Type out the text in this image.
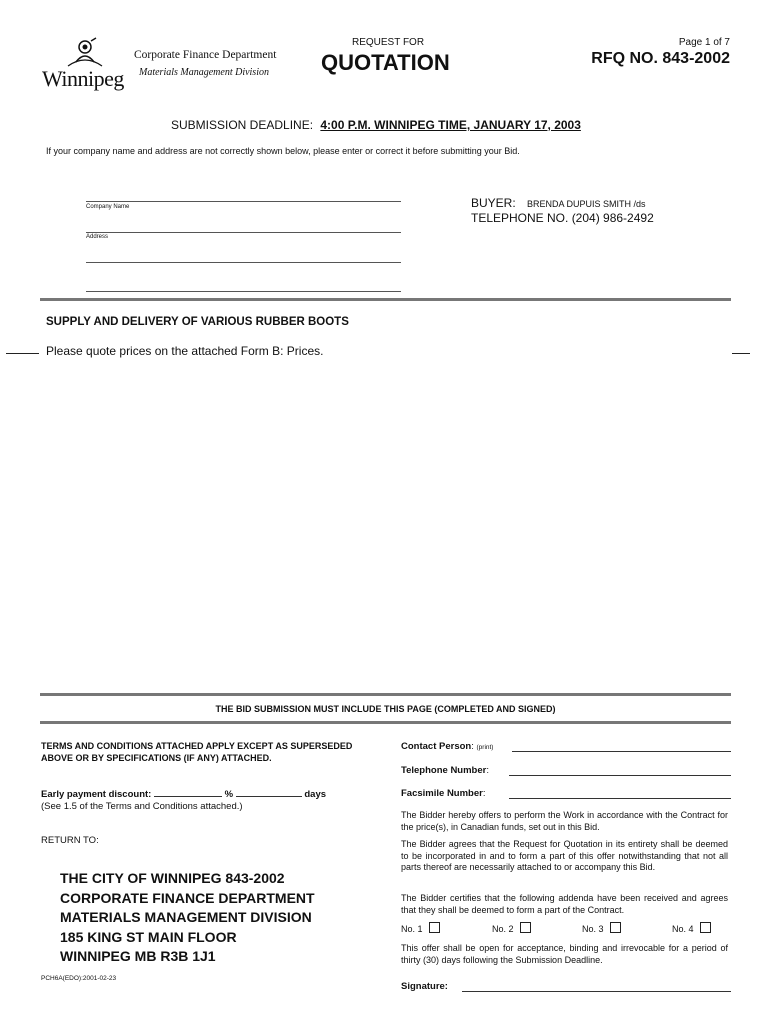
Winnipeg
Corporate Finance Department
Materials Management Division
REQUEST FOR
QUOTATION
Page 1 of 7
RFQ NO. 843-2002
SUBMISSION DEADLINE: 4:00 P.M. WINNIPEG TIME, JANUARY 17, 2003
If your company name and address are not correctly shown below, please enter or correct it before submitting your Bid.
Company Name
Address
BUYER: BRENDA DUPUIS SMITH /ds
TELEPHONE NO. (204) 986-2492
SUPPLY AND DELIVERY OF VARIOUS RUBBER BOOTS
Please quote prices on the attached Form B: Prices.
THE BID SUBMISSION MUST INCLUDE THIS PAGE (COMPLETED AND SIGNED)
TERMS AND CONDITIONS ATTACHED APPLY EXCEPT AS SUPERSEDED ABOVE OR BY SPECIFICATIONS (IF ANY) ATTACHED.
Early payment discount:	%	days
(See 1.5 of the Terms and Conditions attached.)
RETURN TO:
THE CITY OF WINNIPEG 843-2002
CORPORATE FINANCE DEPARTMENT
MATERIALS MANAGEMENT DIVISION
185 KING ST MAIN FLOOR
WINNIPEG MB R3B 1J1
PCH6A(EDO):2001-02-23
Contact Person: (print)
Telephone Number:
Facsimile Number:
The Bidder hereby offers to perform the Work in accordance with the Contract for the price(s), in Canadian funds, set out in this Bid.
The Bidder agrees that the Request for Quotation in its entirety shall be deemed to be incorporated in and to form a part of this offer notwithstanding that not all parts thereof are necessarily attached to or accompany this Bid.
The Bidder certifies that the following addenda have been received and agrees that they shall be deemed to form a part of the Contract.
No. 1	No. 2	No. 3	No. 4
This offer shall be open for acceptance, binding and irrevocable for a period of thirty (30) days following the Submission Deadline.
Signature:
